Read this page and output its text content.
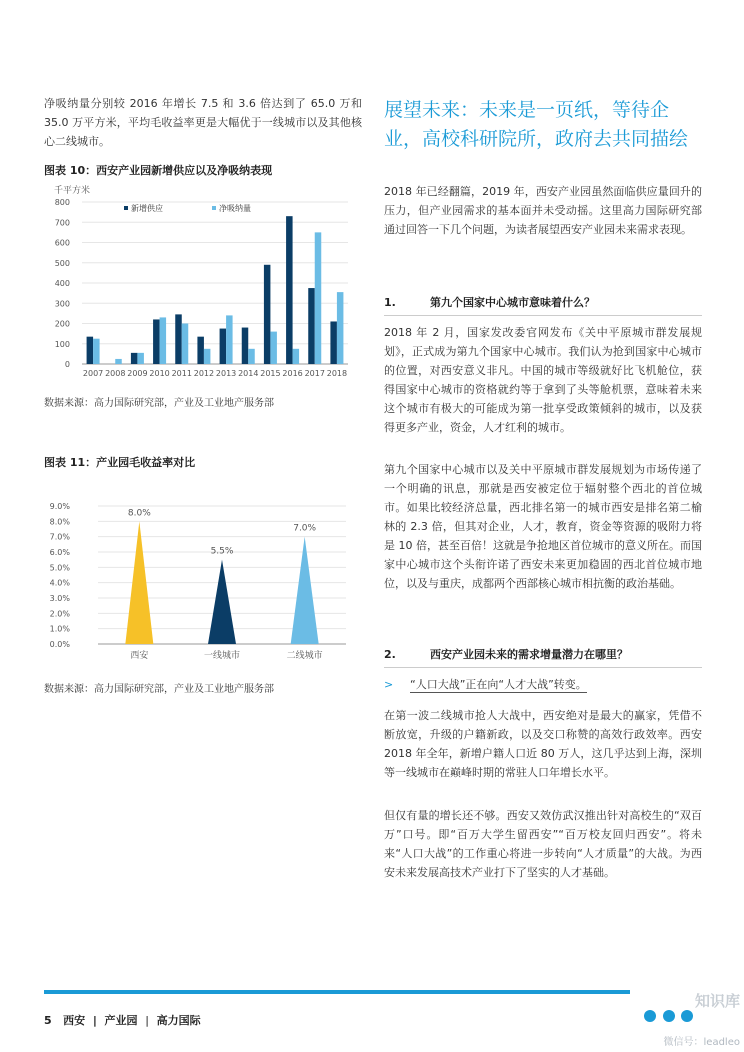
净吸纳量分别较 2016 年增长 7.5 和 3.6 倍达到了 65.0 万和 35.0 万平方米，平均毛收益率更是大幅优于一线城市以及其他核心二线城市。

图表 10：西安产业园新增供应以及净吸纳表现
千平方米
0
100
200
300
400
500
600
700
800
2007 2008 2009 2010 2011 2012 2013 2014 2015 2016 2017 2018
新增供应	净吸纳量
数据来源：高力国际研究部，产业及工业地产服务部
图表 11：产业园毛收益率对比
0.0%
1.0%
2.0%
3.0%
4.0%
5.0%
6.0%
7.0%
8.0%
9.0%
8.0%
西安
5.5%
一线城市
7.0%
二线城市
数据来源：高力国际研究部，产业及工业地产服务部
展望未来：未来是一页纸，等待企业，高校科研院所，政府去共同描绘

2018 年已经翻篇，2019 年，西安产业园虽然面临供应量回升的压力，但产业园需求的基本面并未受动摇。这里高力国际研究部通过回答一下几个问题，为读者展望西安产业园未来需求表现。

1.	第九个国家中心城市意味着什么？

2018 年 2 月，国家发改委官网发布《关中平原城市群发展规划》，正式成为第九个国家中心城市。我们认为抢到国家中心城市的位置，对西安意义非凡。中国的城市等级就好比飞机舱位，获得国家中心城市的资格就约等于拿到了头等舱机票，意味着未来这个城市有极大的可能成为第一批享受政策倾斜的城市，以及获得更多产业，资金，人才红利的城市。

第九个国家中心城市以及关中平原城市群发展规划为市场传递了一个明确的讯息，那就是西安被定位于辐射整个西北的首位城市。如果比较经济总量，西北排名第一的城市西安是排名第二榆林的 2.3 倍，但其对企业，人才，教育，资金等资源的吸附力将是 10 倍，甚至百倍！这就是争抢地区首位城市的意义所在。而国家中心城市这个头衔许诺了西安未来更加稳固的西北首位城市地位，以及与重庆，成都两个西部核心城市相抗衡的政治基础。

2.	西安产业园未来的需求增量潜力在哪里？
> “人口大战”正在向“人才大战”转变。

在第一波二线城市抢人大战中，西安绝对是最大的赢家，凭借不断放宽，升级的户籍新政，以及交口称赞的高效行政效率。西安 2018 年全年，新增户籍人口近 80 万人，这几乎达到上海，深圳等一线城市在巅峰时期的常驻人口年增长水平。

但仅有量的增长还不够。西安又效仿武汉推出针对高校生的“双百万”口号。即“百万大学生留西安”“百万校友回归西安”。将未来“人口大战”的工作重心将进一步转向“人才质量”的大战。为西安未来发展高技术产业打下了坚实的人才基础。

5 西安 | 产业园 | 高力国际

知识库
微信号：leadleo
